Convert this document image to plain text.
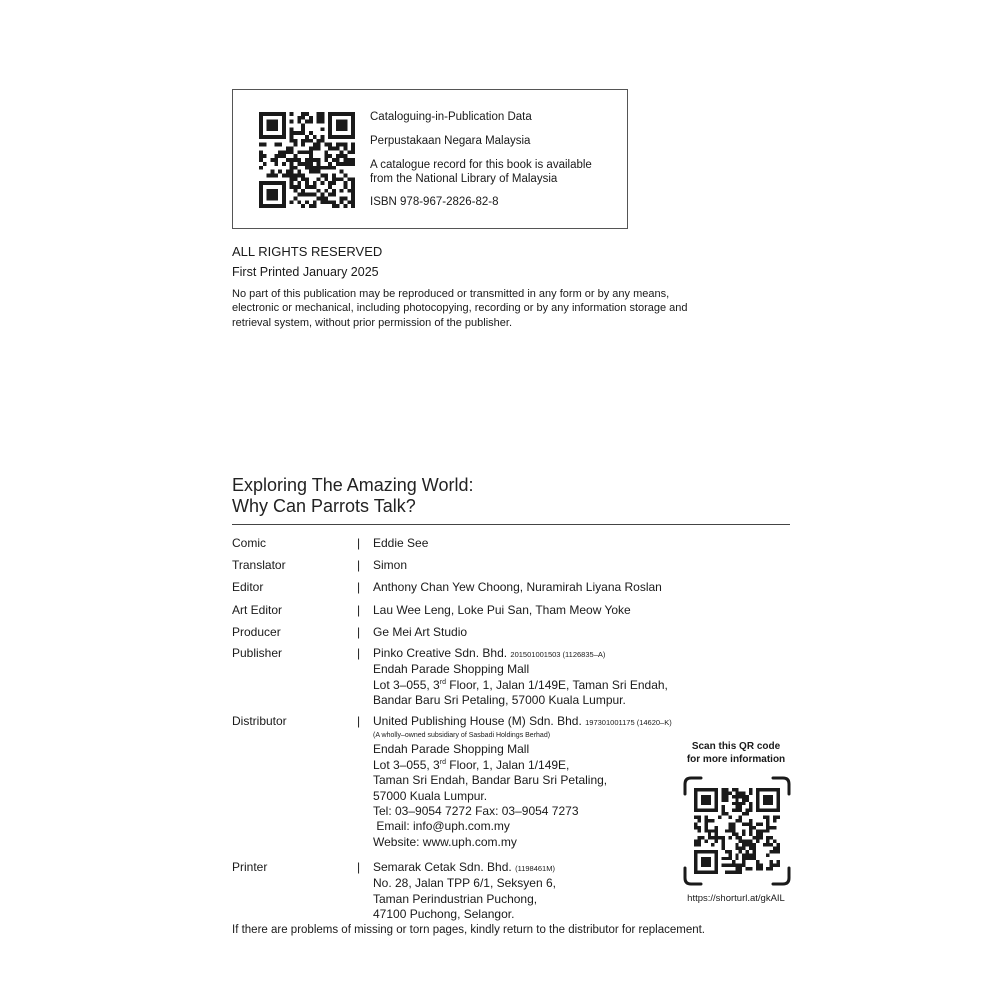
Cataloguing-in-Publication Data
Perpustakaan Negara Malaysia
A catalogue record for this book is available
from the National Library of Malaysia
ISBN 978-967-2826-82-8
ALL RIGHTS RESERVED
First Printed January 2025
No part of this publication may be reproduced or transmitted in any form or by any means,
electronic or mechanical, including photocopying, recording or by any information storage and
retrieval system, without prior permission of the publisher.
Exploring The Amazing World:
Why Can Parrots Talk?
Comic	| Eddie See
Translator	| Simon
Editor	| Anthony Chan Yew Choong, Nuramirah Liyana Roslan
Art Editor	| Lau Wee Leng, Loke Pui San, Tham Meow Yoke
Producer	| Ge Mei Art Studio
Publisher	| Pinko Creative Sdn. Bhd. 201501001503 (1126835–A)
Endah Parade Shopping Mall
Lot 3–055, 3rd Floor, 1, Jalan 1/149E, Taman Sri Endah,
Bandar Baru Sri Petaling, 57000 Kuala Lumpur.
Distributor	| United Publishing House (M) Sdn. Bhd. 197301001175 (14620–K)
(A wholly–owned subsidiary of Sasbadi Holdings Berhad)
Endah Parade Shopping Mall
Lot 3–055, 3rd Floor, 1, Jalan 1/149E,
Taman Sri Endah, Bandar Baru Sri Petaling,
57000 Kuala Lumpur.
Tel: 03–9054 7272 Fax: 03–9054 7273
Email: info@uph.com.my
Website: www.uph.com.my
Printer	| Semarak Cetak Sdn. Bhd. (1198461M)
No. 28, Jalan TPP 6/1, Seksyen 6,
Taman Perindustrian Puchong,
47100 Puchong, Selangor.
Scan this QR code
for more information
https://shorturl.at/gkAIL
If there are problems of missing or torn pages, kindly return to the distributor for replacement.
